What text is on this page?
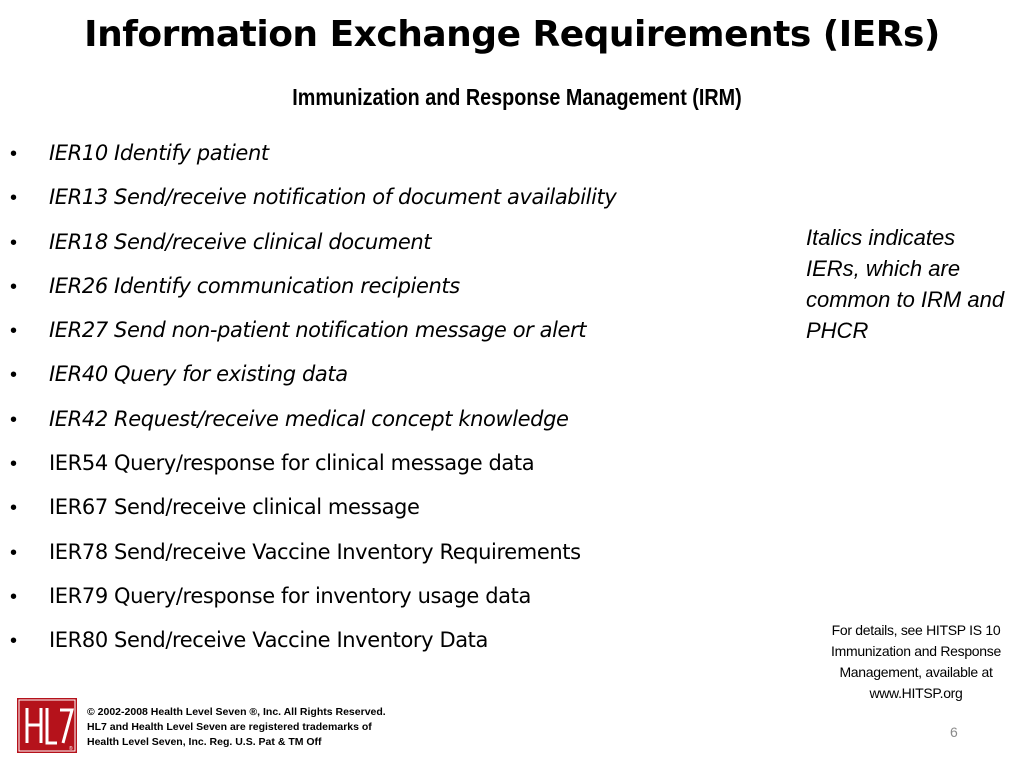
Information Exchange Requirements (IERs)
Immunization and Response Management (IRM)
• IER10 Identify patient
• IER13 Send/receive notification of document availability
• IER18 Send/receive clinical document
• IER26 Identify communication recipients
• IER27 Send non-patient notification message or alert
• IER40 Query for existing data
• IER42 Request/receive medical concept knowledge
• IER54 Query/response for clinical message data
• IER67 Send/receive clinical message
• IER78 Send/receive Vaccine Inventory Requirements
• IER79 Query/response for inventory usage data
• IER80 Send/receive Vaccine Inventory Data
Italics indicates IERs, which are common to IRM and PHCR
For details, see HITSP IS 10 Immunization and Response Management, available at www.HITSP.org
®
© 2002-2008 Health Level Seven ®, Inc. All Rights Reserved.
HL7 and Health Level Seven are registered trademarks of
Health Level Seven, Inc. Reg. U.S. Pat & TM Off
6
